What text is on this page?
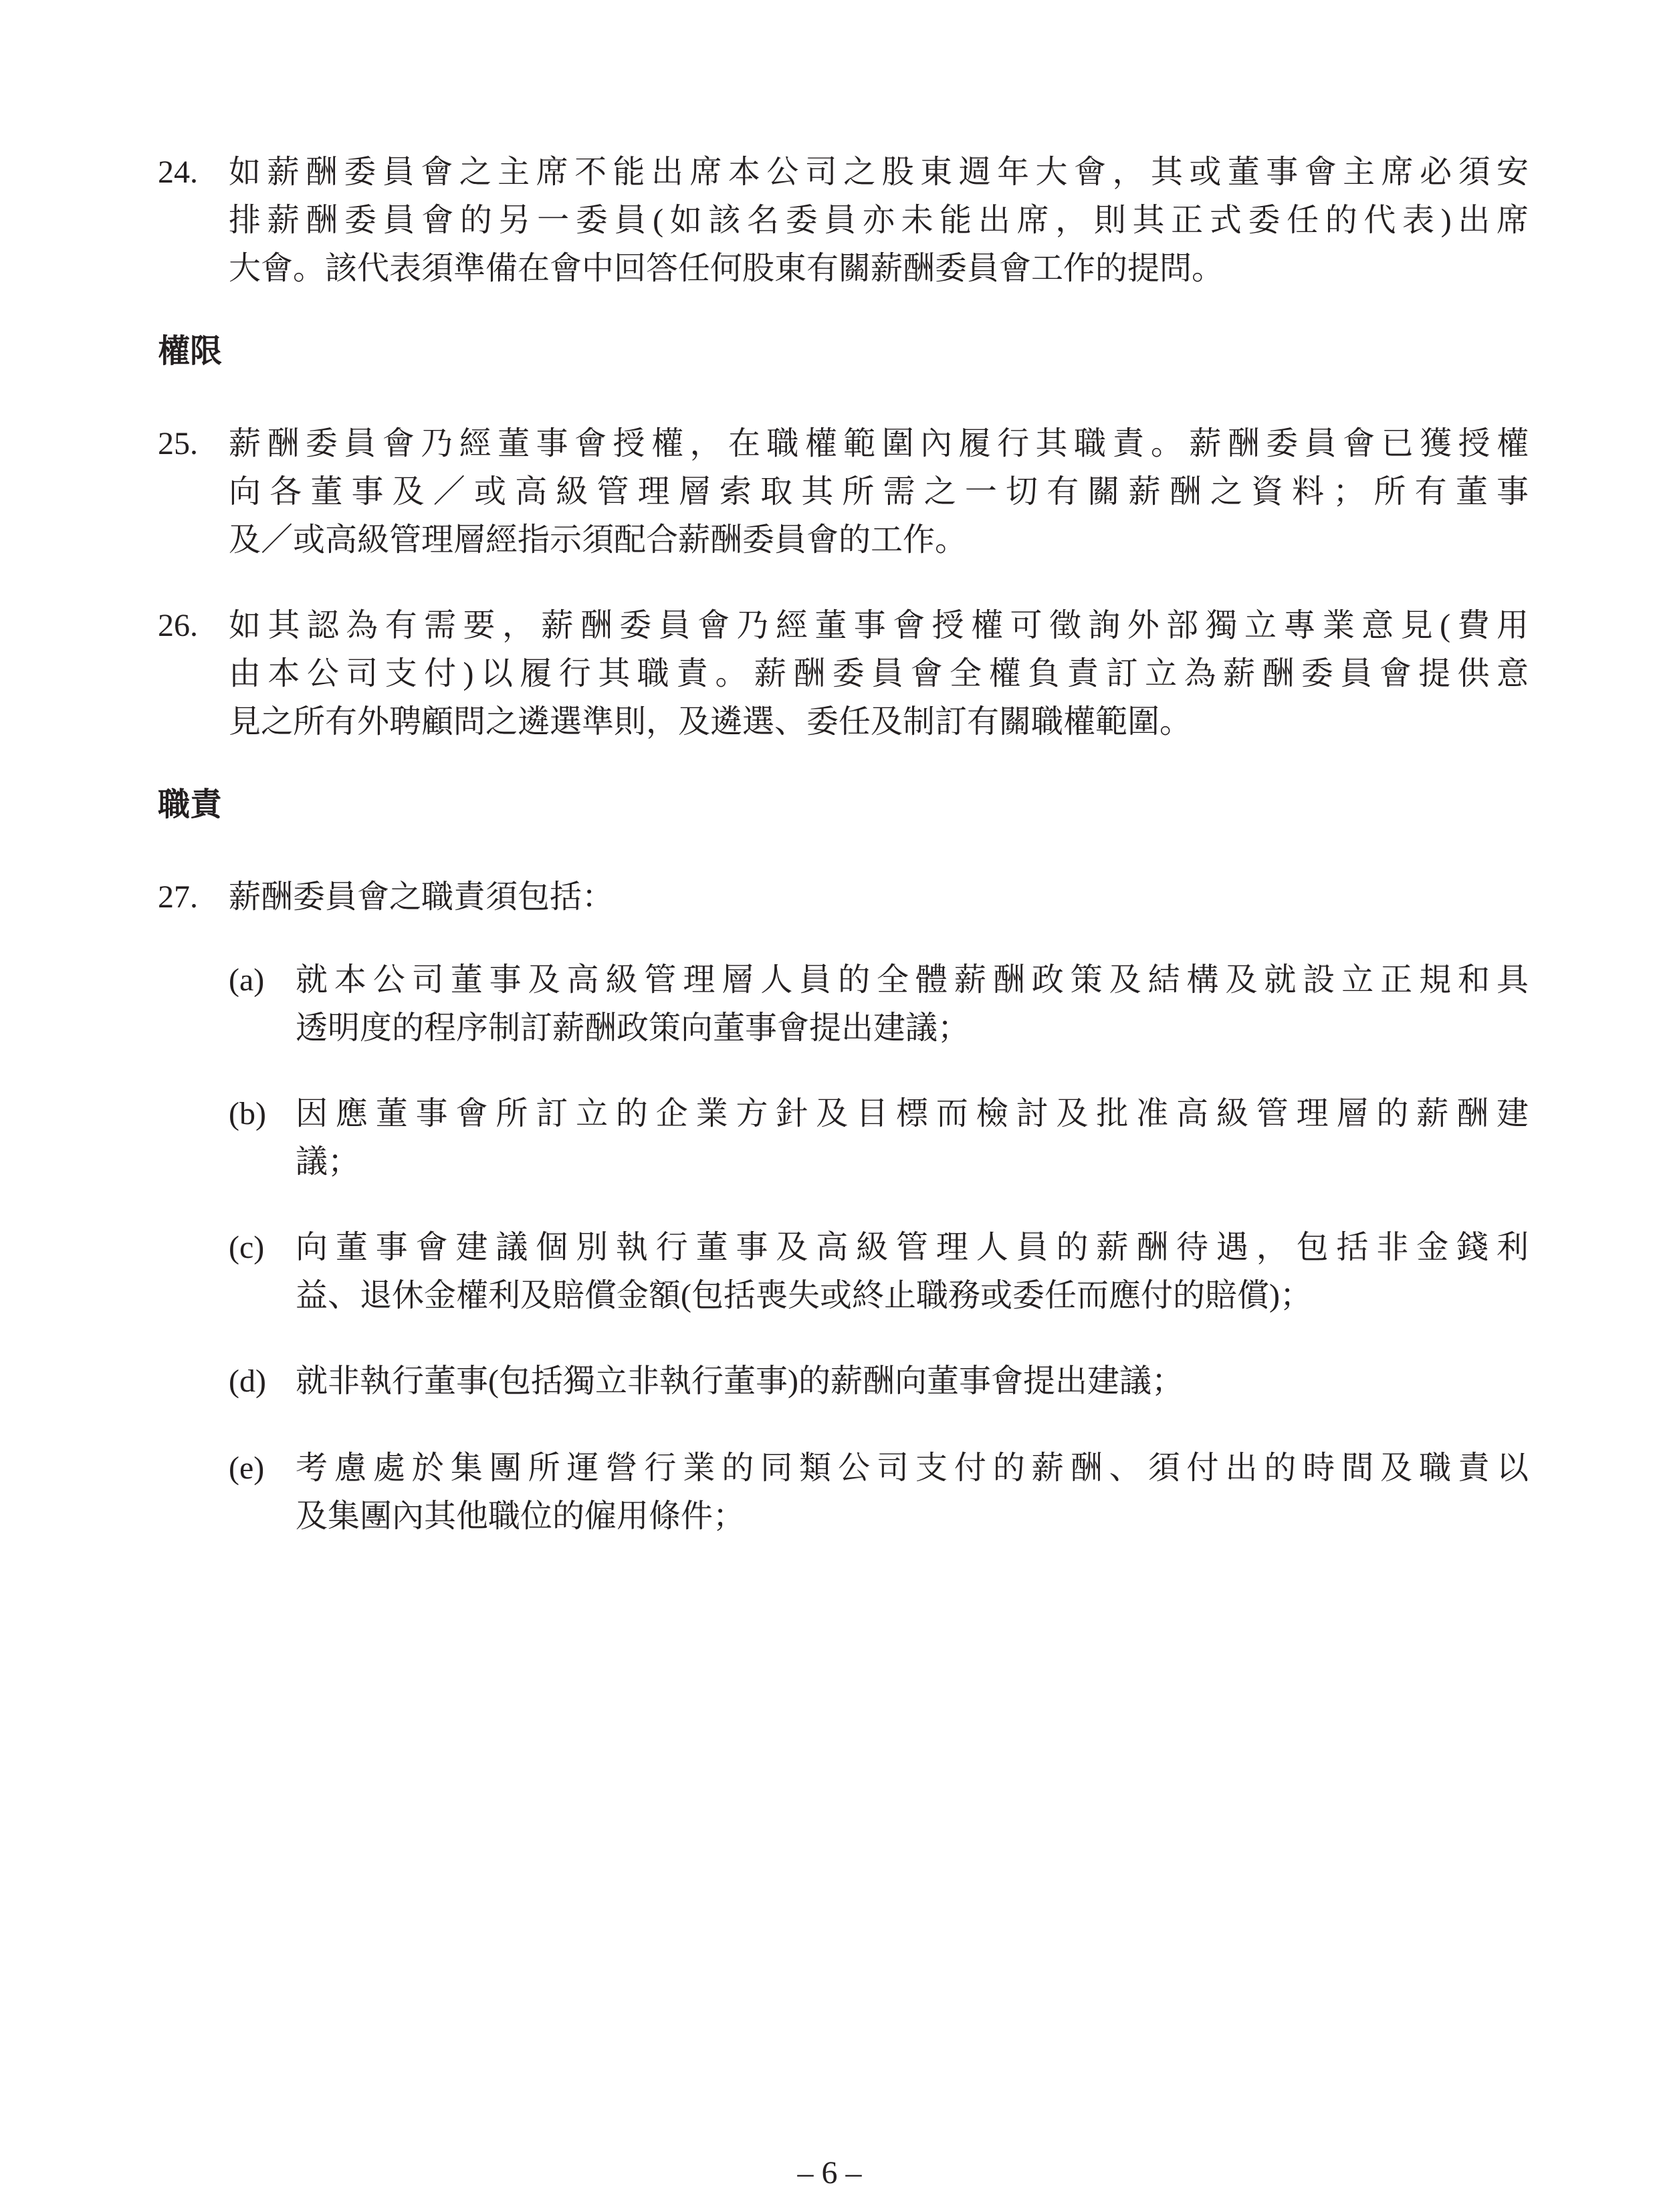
24. 如薪酬委員會之主席不能出席本公司之股東週年大會，其或董事會主席必須安
排薪酬委員會的另一委員(如該名委員亦未能出席，則其正式委任的代表)出席
大會。該代表須準備在會中回答任何股東有關薪酬委員會工作的提問。
權限
25. 薪酬委員會乃經董事會授權，在職權範圍內履行其職責。薪酬委員會已獲授權
向各董事及／或高級管理層索取其所需之一切有關薪酬之資料；所有董事
及／或高級管理層經指示須配合薪酬委員會的工作。
26. 如其認為有需要，薪酬委員會乃經董事會授權可徵詢外部獨立專業意見(費用
由本公司支付)以履行其職責。薪酬委員會全權負責訂立為薪酬委員會提供意
見之所有外聘顧問之遴選準則，及遴選、委任及制訂有關職權範圍。
職責
27. 薪酬委員會之職責須包括：
(a) 就本公司董事及高級管理層人員的全體薪酬政策及結構及就設立正規和具
透明度的程序制訂薪酬政策向董事會提出建議；
(b) 因應董事會所訂立的企業方針及目標而檢討及批准高級管理層的薪酬建
議；
(c) 向董事會建議個別執行董事及高級管理人員的薪酬待遇，包括非金錢利
益、退休金權利及賠償金額(包括喪失或終止職務或委任而應付的賠償)；
(d) 就非執行董事(包括獨立非執行董事)的薪酬向董事會提出建議；
(e) 考慮處於集團所運營行業的同類公司支付的薪酬、須付出的時間及職責以
及集團內其他職位的僱用條件；
– 6 –
